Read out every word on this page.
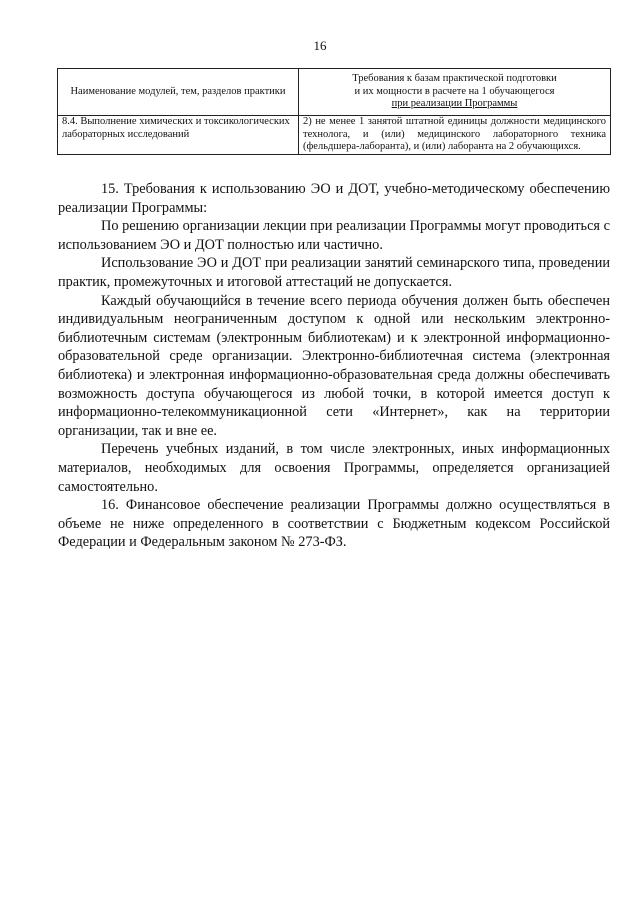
16
Наименование модулей, тем, разделов практики	Требования к базам практической подготовки
и их мощности в расчете на 1 обучающегося
при реализации Программы

8.4. Выполнение химических и токсикологических лабораторных исследований	2) не менее 1 занятой штатной единицы должности медицинского технолога, и (или) медицинского лабораторного техника (фельдшера-лаборанта), и (или) лаборанта на 2 обучающихся.

15. Требования к использованию ЭО и ДОТ, учебно-методическому обеспечению реализации Программы:

По решению организации лекции при реализации Программы могут проводиться с использованием ЭО и ДОТ полностью или частично.

Использование ЭО и ДОТ при реализации занятий семинарского типа, проведении практик, промежуточных и итоговой аттестаций не допускается.

Каждый обучающийся в течение всего периода обучения должен быть обеспечен индивидуальным неограниченным доступом к одной или нескольким электронно-библиотечным системам (электронным библиотекам) и к электронной информационно-образовательной среде организации. Электронно-библиотечная система (электронная библиотека) и электронная информационно-образовательная среда должны обеспечивать возможность доступа обучающегося из любой точки, в которой имеется доступ к информационно-телекоммуникационной сети «Интернет», как на территории организации, так и вне ее.

Перечень учебных изданий, в том числе электронных, иных информационных материалов, необходимых для освоения Программы, определяется организацией самостоятельно.

16. Финансовое обеспечение реализации Программы должно осуществляться в объеме не ниже определенного в соответствии с Бюджетным кодексом Российской Федерации и Федеральным законом № 273-ФЗ.
